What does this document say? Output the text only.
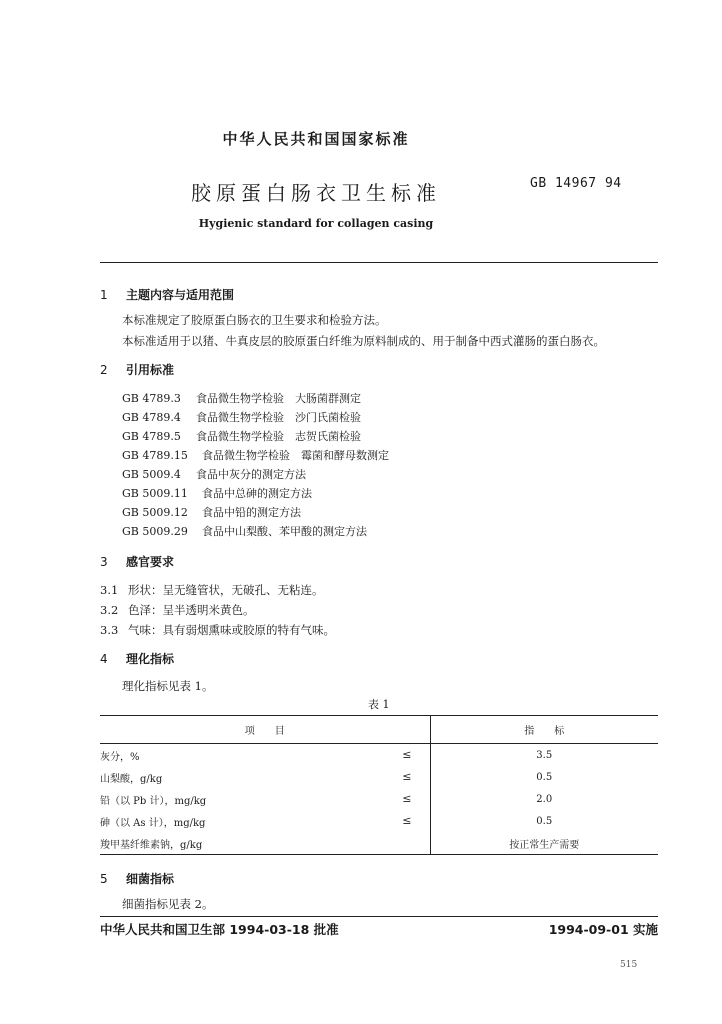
中华人民共和国国家标准
胶原蛋白肠衣卫生标准	GB 14967 94
Hygienic standard for collagen casing
1 主题内容与适用范围
本标准规定了胶原蛋白肠衣的卫生要求和检验方法。
本标准适用于以猪、牛真皮层的胶原蛋白纤维为原料制成的、用于制备中西式灌肠的蛋白肠衣。
2 引用标准
GB 4789.3 食品微生物学检验　大肠菌群测定
GB 4789.4 食品微生物学检验　沙门氏菌检验
GB 4789.5 食品微生物学检验　志贺氏菌检验
GB 4789.15 食品微生物学检验　霉菌和酵母数测定
GB 5009.4 食品中灰分的测定方法
GB 5009.11 食品中总砷的测定方法
GB 5009.12 食品中铅的测定方法
GB 5009.29 食品中山梨酸、苯甲酸的测定方法
3 感官要求
3.1 形状：呈无缝管状，无破孔、无粘连。
3.2 色泽：呈半透明米黄色。
3.3 气味：具有弱烟熏味或胶原的特有气味。
4 理化指标
理化指标见表 1。
表 1
项　　目	指　　标
灰分，% ≤	3.5
山梨酸，g/kg ≤	0.5
铅（以 Pb 计），mg/kg ≤	2.0
砷（以 As 计），mg/kg ≤	0.5
羧甲基纤维素钠，g/kg	按正常生产需要
5 细菌指标
细菌指标见表 2。
中华人民共和国卫生部 1994-03-18 批准	1994-09-01 实施
515
